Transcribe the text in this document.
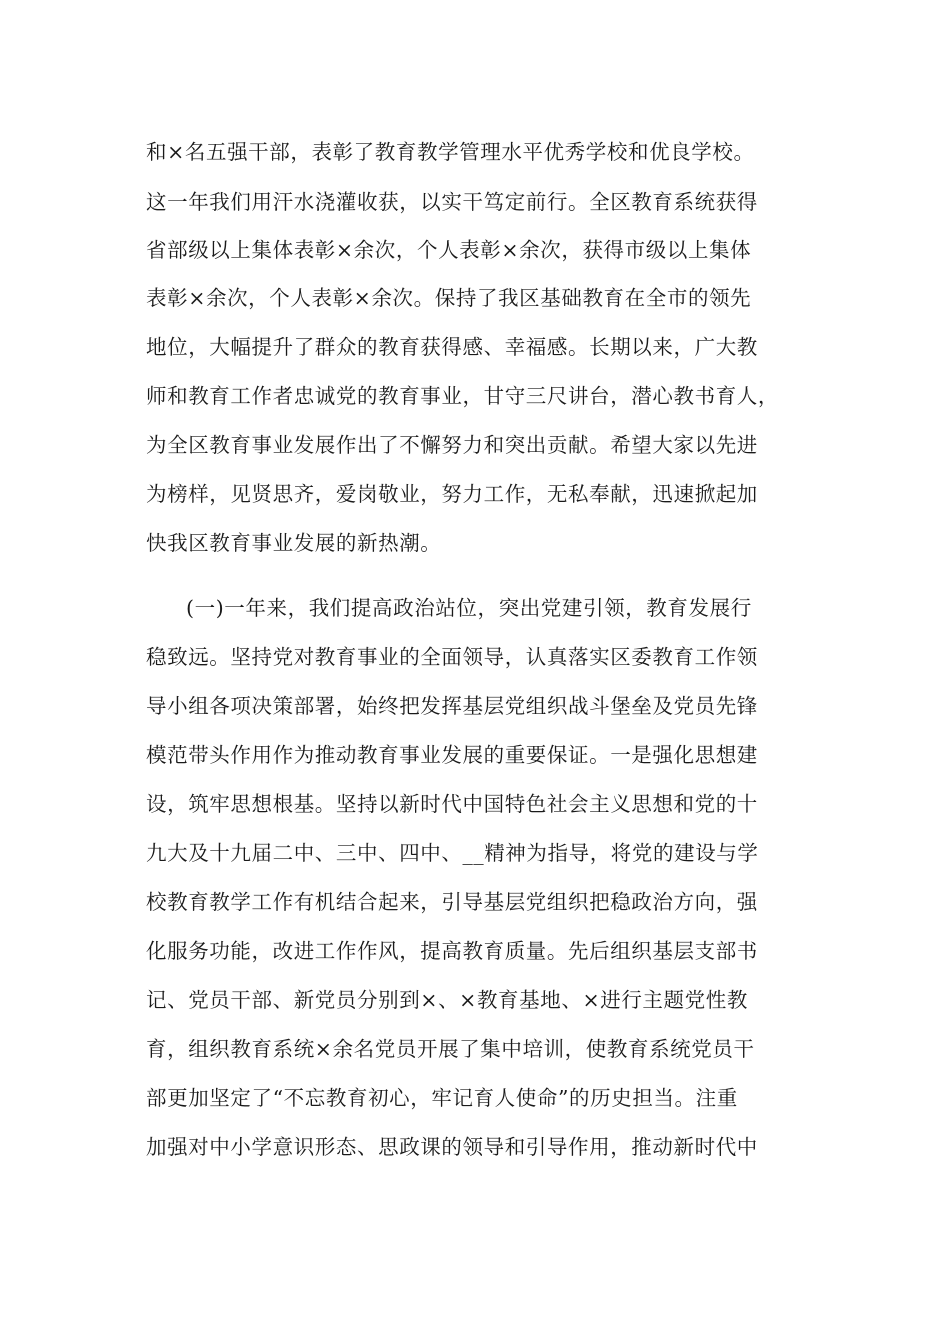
和×名五强干部，表彰了教育教学管理水平优秀学校和优良学校。
这一年我们用汗水浇灌收获，以实干笃定前行。全区教育系统获得
省部级以上集体表彰×余次，个人表彰×余次，获得市级以上集体
表彰×余次，个人表彰×余次。保持了我区基础教育在全市的领先
地位，大幅提升了群众的教育获得感、幸福感。长期以来，广大教
师和教育工作者忠诚党的教育事业，甘守三尺讲台，潜心教书育人，
为全区教育事业发展作出了不懈努力和突出贡献。希望大家以先进
为榜样，见贤思齐，爱岗敬业，努力工作，无私奉献，迅速掀起加
快我区教育事业发展的新热潮。
(一)一年来，我们提高政治站位，突出党建引领，教育发展行
稳致远。坚持党对教育事业的全面领导，认真落实区委教育工作领
导小组各项决策部署，始终把发挥基层党组织战斗堡垒及党员先锋
模范带头作用作为推动教育事业发展的重要保证。一是强化思想建
设，筑牢思想根基。坚持以新时代中国特色社会主义思想和党的十
九大及十九届二中、三中、四中、__精神为指导，将党的建设与学
校教育教学工作有机结合起来，引导基层党组织把稳政治方向，强
化服务功能，改进工作作风，提高教育质量。先后组织基层支部书
记、党员干部、新党员分别到×、×教育基地、×进行主题党性教
育，组织教育系统×余名党员开展了集中培训，使教育系统党员干
部更加坚定了“不忘教育初心，牢记育人使命”的历史担当。注重
加强对中小学意识形态、思政课的领导和引导作用，推动新时代中
